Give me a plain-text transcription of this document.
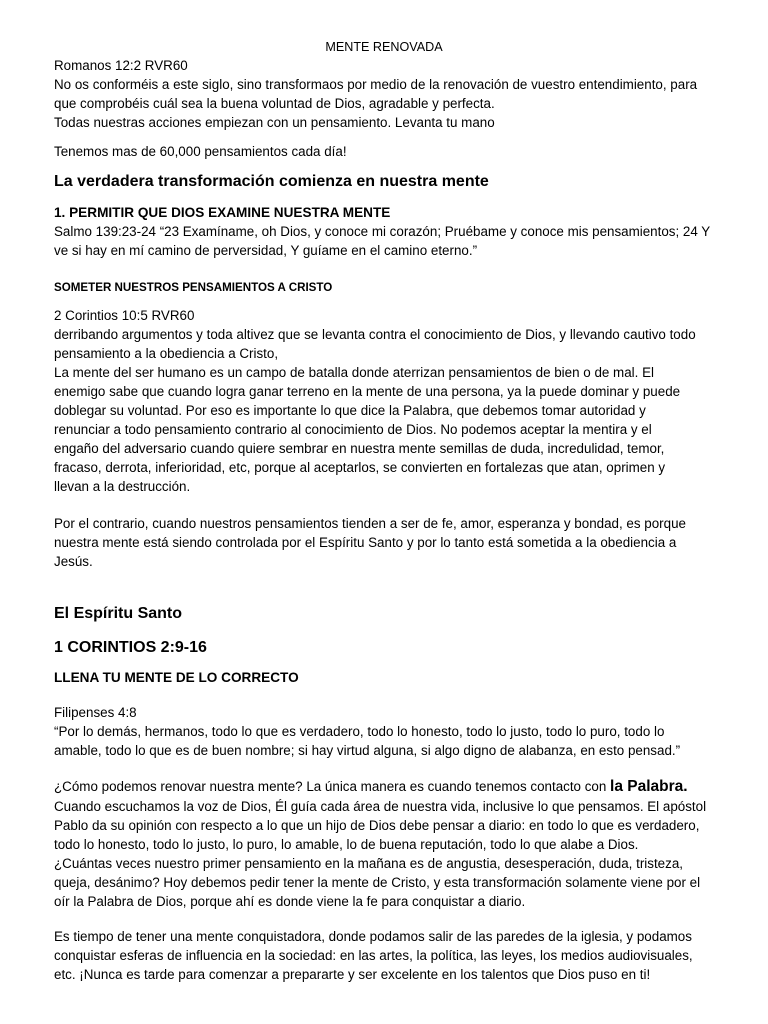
MENTE RENOVADA
Romanos 12:2 RVR60
No os conforméis a este siglo, sino transformaos por medio de la renovación de vuestro entendimiento, para
que comprobéis cuál sea la buena voluntad de Dios, agradable y perfecta.
Todas nuestras acciones empiezan con un pensamiento. Levanta tu mano
Tenemos mas de 60,000 pensamientos cada día!
La verdadera transformación comienza en nuestra mente
1. PERMITIR QUE DIOS EXAMINE NUESTRA MENTE
Salmo 139:23-24 “23 Examíname, oh Dios, y conoce mi corazón; Pruébame y conoce mis pensamientos; 24 Y
ve si hay en mí camino de perversidad, Y guíame en el camino eterno.”
SOMETER NUESTROS PENSAMIENTOS A CRISTO
2 Corintios 10:5 RVR60
derribando argumentos y toda altivez que se levanta contra el conocimiento de Dios, y llevando cautivo todo
pensamiento a la obediencia a Cristo,
La mente del ser humano es un campo de batalla donde aterrizan pensamientos de bien o de mal. El
enemigo sabe que cuando logra ganar terreno en la mente de una persona, ya la puede dominar y puede
doblegar su voluntad. Por eso es importante lo que dice la Palabra, que debemos tomar autoridad y
renunciar a todo pensamiento contrario al conocimiento de Dios. No podemos aceptar la mentira y el
engaño del adversario cuando quiere sembrar en nuestra mente semillas de duda, incredulidad, temor,
fracaso, derrota, inferioridad, etc, porque al aceptarlos, se convierten en fortalezas que atan, oprimen y
llevan a la destrucción.
Por el contrario, cuando nuestros pensamientos tienden a ser de fe, amor, esperanza y bondad, es porque
nuestra mente está siendo controlada por el Espíritu Santo y por lo tanto está sometida a la obediencia a
Jesús.
El Espíritu Santo
1 CORINTIOS 2:9-16
LLENA TU MENTE DE LO CORRECTO
Filipenses 4:8
“Por lo demás, hermanos, todo lo que es verdadero, todo lo honesto, todo lo justo, todo lo puro, todo lo
amable, todo lo que es de buen nombre; si hay virtud alguna, si algo digno de alabanza, en esto pensad.”
¿Cómo podemos renovar nuestra mente? La única manera es cuando tenemos contacto con la Palabra.
Cuando escuchamos la voz de Dios, Él guía cada área de nuestra vida, inclusive lo que pensamos. El apóstol
Pablo da su opinión con respecto a lo que un hijo de Dios debe pensar a diario: en todo lo que es verdadero,
todo lo honesto, todo lo justo, lo puro, lo amable, lo de buena reputación, todo lo que alabe a Dios.
¿Cuántas veces nuestro primer pensamiento en la mañana es de angustia, desesperación, duda, tristeza,
queja, desánimo? Hoy debemos pedir tener la mente de Cristo, y esta transformación solamente viene por el
oír la Palabra de Dios, porque ahí es donde viene la fe para conquistar a diario.
Es tiempo de tener una mente conquistadora, donde podamos salir de las paredes de la iglesia, y podamos
conquistar esferas de influencia en la sociedad: en las artes, la política, las leyes, los medios audiovisuales,
etc. ¡Nunca es tarde para comenzar a prepararte y ser excelente en los talentos que Dios puso en ti!
